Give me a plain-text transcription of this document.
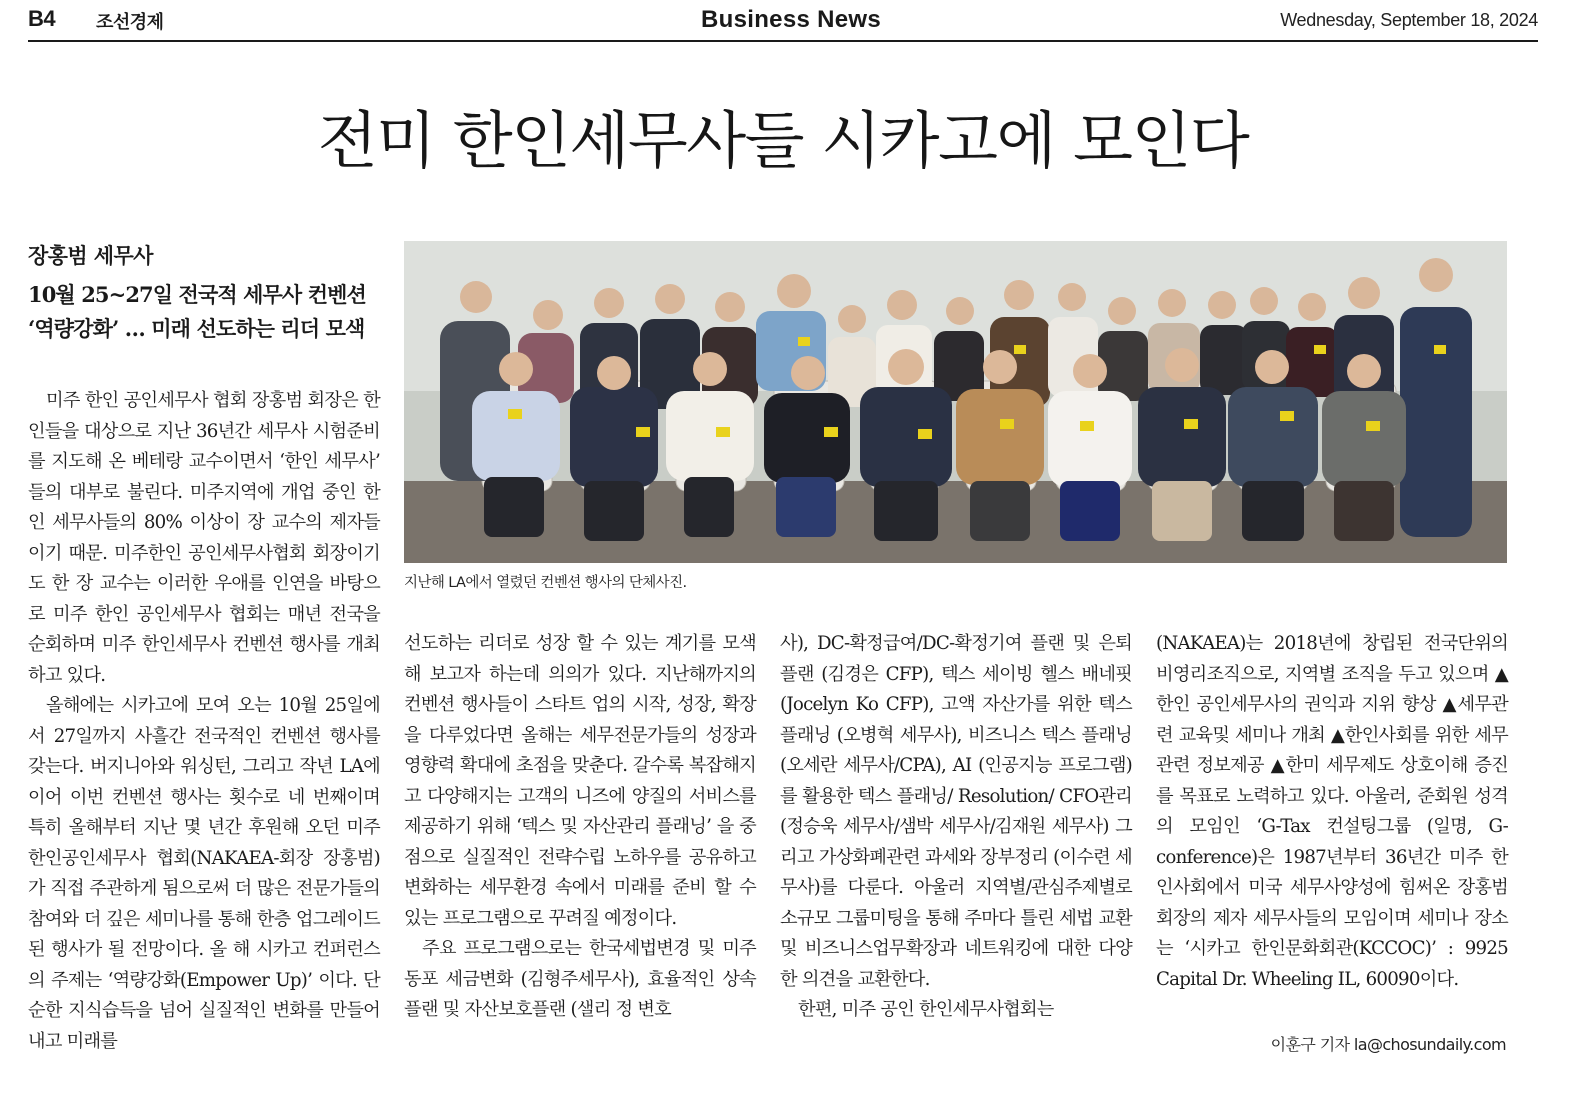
B4 조선경제	Business News	Wednesday, September 18, 2024
전미 한인세무사들 시카고에 모인다
장홍범 세무사
10월 25~27일 전국적 세무사 컨벤션
‘역량강화’ … 미래 선도하는 리더 모색

미주 한인 공인세무사 협회 장홍범 회장은 한인들을 대상으로 지난 36년간 세무사 시험준비를 지도해 온 베테랑 교수이면서 ‘한인 세무사’ 들의 대부로 불린다. 미주지역에 개업 중인 한인 세무사들의 80% 이상이 장 교수의 제자들이기 때문. 미주한인 공인세무사협회 회장이기도 한 장 교수는 이러한 우애를 인연을 바탕으로 미주 한인 공인세무사 협회는 매년 전국을 순회하며 미주 한인세무사 컨벤션 행사를 개최하고 있다.

올해에는 시카고에 모여 오는 10월 25일에서 27일까지 사흘간 전국적인 컨벤션 행사를 갖는다. 버지니아와 워싱턴, 그리고 작년 LA에 이어 이번 컨벤션 행사는 횟수로 네 번째이며 특히 올해부터 지난 몇 년간 후원해 오던 미주한인공인세무사 협회(NAKAEA-회장 장홍범)가 직접 주관하게 됨으로써 더 많은 전문가들의 참여와 더 깊은 세미나를 통해 한층 업그레이드 된 행사가 될 전망이다. 올 해 시카고 컨퍼런스의 주제는 ‘역량강화(Empower Up)’ 이다. 단순한 지식습득을 넘어 실질적인 변화를 만들어내고 미래를

지난해 LA에서 열렸던 컨벤션 행사의 단체사진.

선도하는 리더로 성장 할 수 있는 계기를 모색해 보고자 하는데 의의가 있다. 지난해까지의 컨벤션 행사들이 스타트 업의 시작, 성장, 확장을 다루었다면 올해는 세무전문가들의 성장과 영향력 확대에 초점을 맞춘다. 갈수록 복잡해지고 다양해지는 고객의 니즈에 양질의 서비스를 제공하기 위해 ‘텍스 및 자산관리 플래닝’ 을 중점으로 실질적인 전략수립 노하우를 공유하고 변화하는 세무환경 속에서 미래를 준비 할 수 있는 프로그램으로 꾸려질 예정이다.

주요 프로그램으로는 한국세법변경 및 미주동포 세금변화 (김형주세무사), 효율적인 상속플랜 및 자산보호플랜 (샐리 정 변호

사), DC-확정급여/DC-확정기여 플랜 및 은퇴플랜 (김경은 CFP), 텍스 세이빙 헬스 배네핏(Jocelyn Ko CFP), 고액 자산가를 위한 텍스 플래닝 (오병혁 세무사), 비즈니스 텍스 플래닝 (오세란 세무사/CPA), AI (인공지능 프로그램)를 활용한 텍스 플래닝/ Resolution/ CFO관리 (정승욱 세무사/샘박 세무사/김재원 세무사) 그리고 가상화폐관련 과세와 장부정리 (이수련 세무사)를 다룬다. 아울러 지역별/관심주제별로 소규모 그룹미팅을 통해 주마다 틀린 세법 교환 및 비즈니스업무확장과 네트워킹에 대한 다양한 의견을 교환한다.

한편, 미주 공인 한인세무사협회는

(NAKAEA)는 2018년에 창립된 전국단위의 비영리조직으로, 지역별 조직을 두고 있으며 ▲한인 공인세무사의 권익과 지위 향상 ▲세무관련 교육및 세미나 개최 ▲한인사회를 위한 세무관련 정보제공 ▲한미 세무제도 상호이해 증진를 목표로 노력하고 있다. 아울러, 준회원 성격의 모임인 ‘G-Tax 컨설팅그룹 (일명, G-conference)은 1987년부터 36년간 미주 한인사회에서 미국 세무사양성에 힘써온 장홍범 회장의 제자 세무사들의 모임이며 세미나 장소는 ‘시카고 한인문화회관(KCCOC)’ : 9925 Capital Dr. Wheeling IL, 60090이다.

이훈구 기자 la@chosundaily.com
